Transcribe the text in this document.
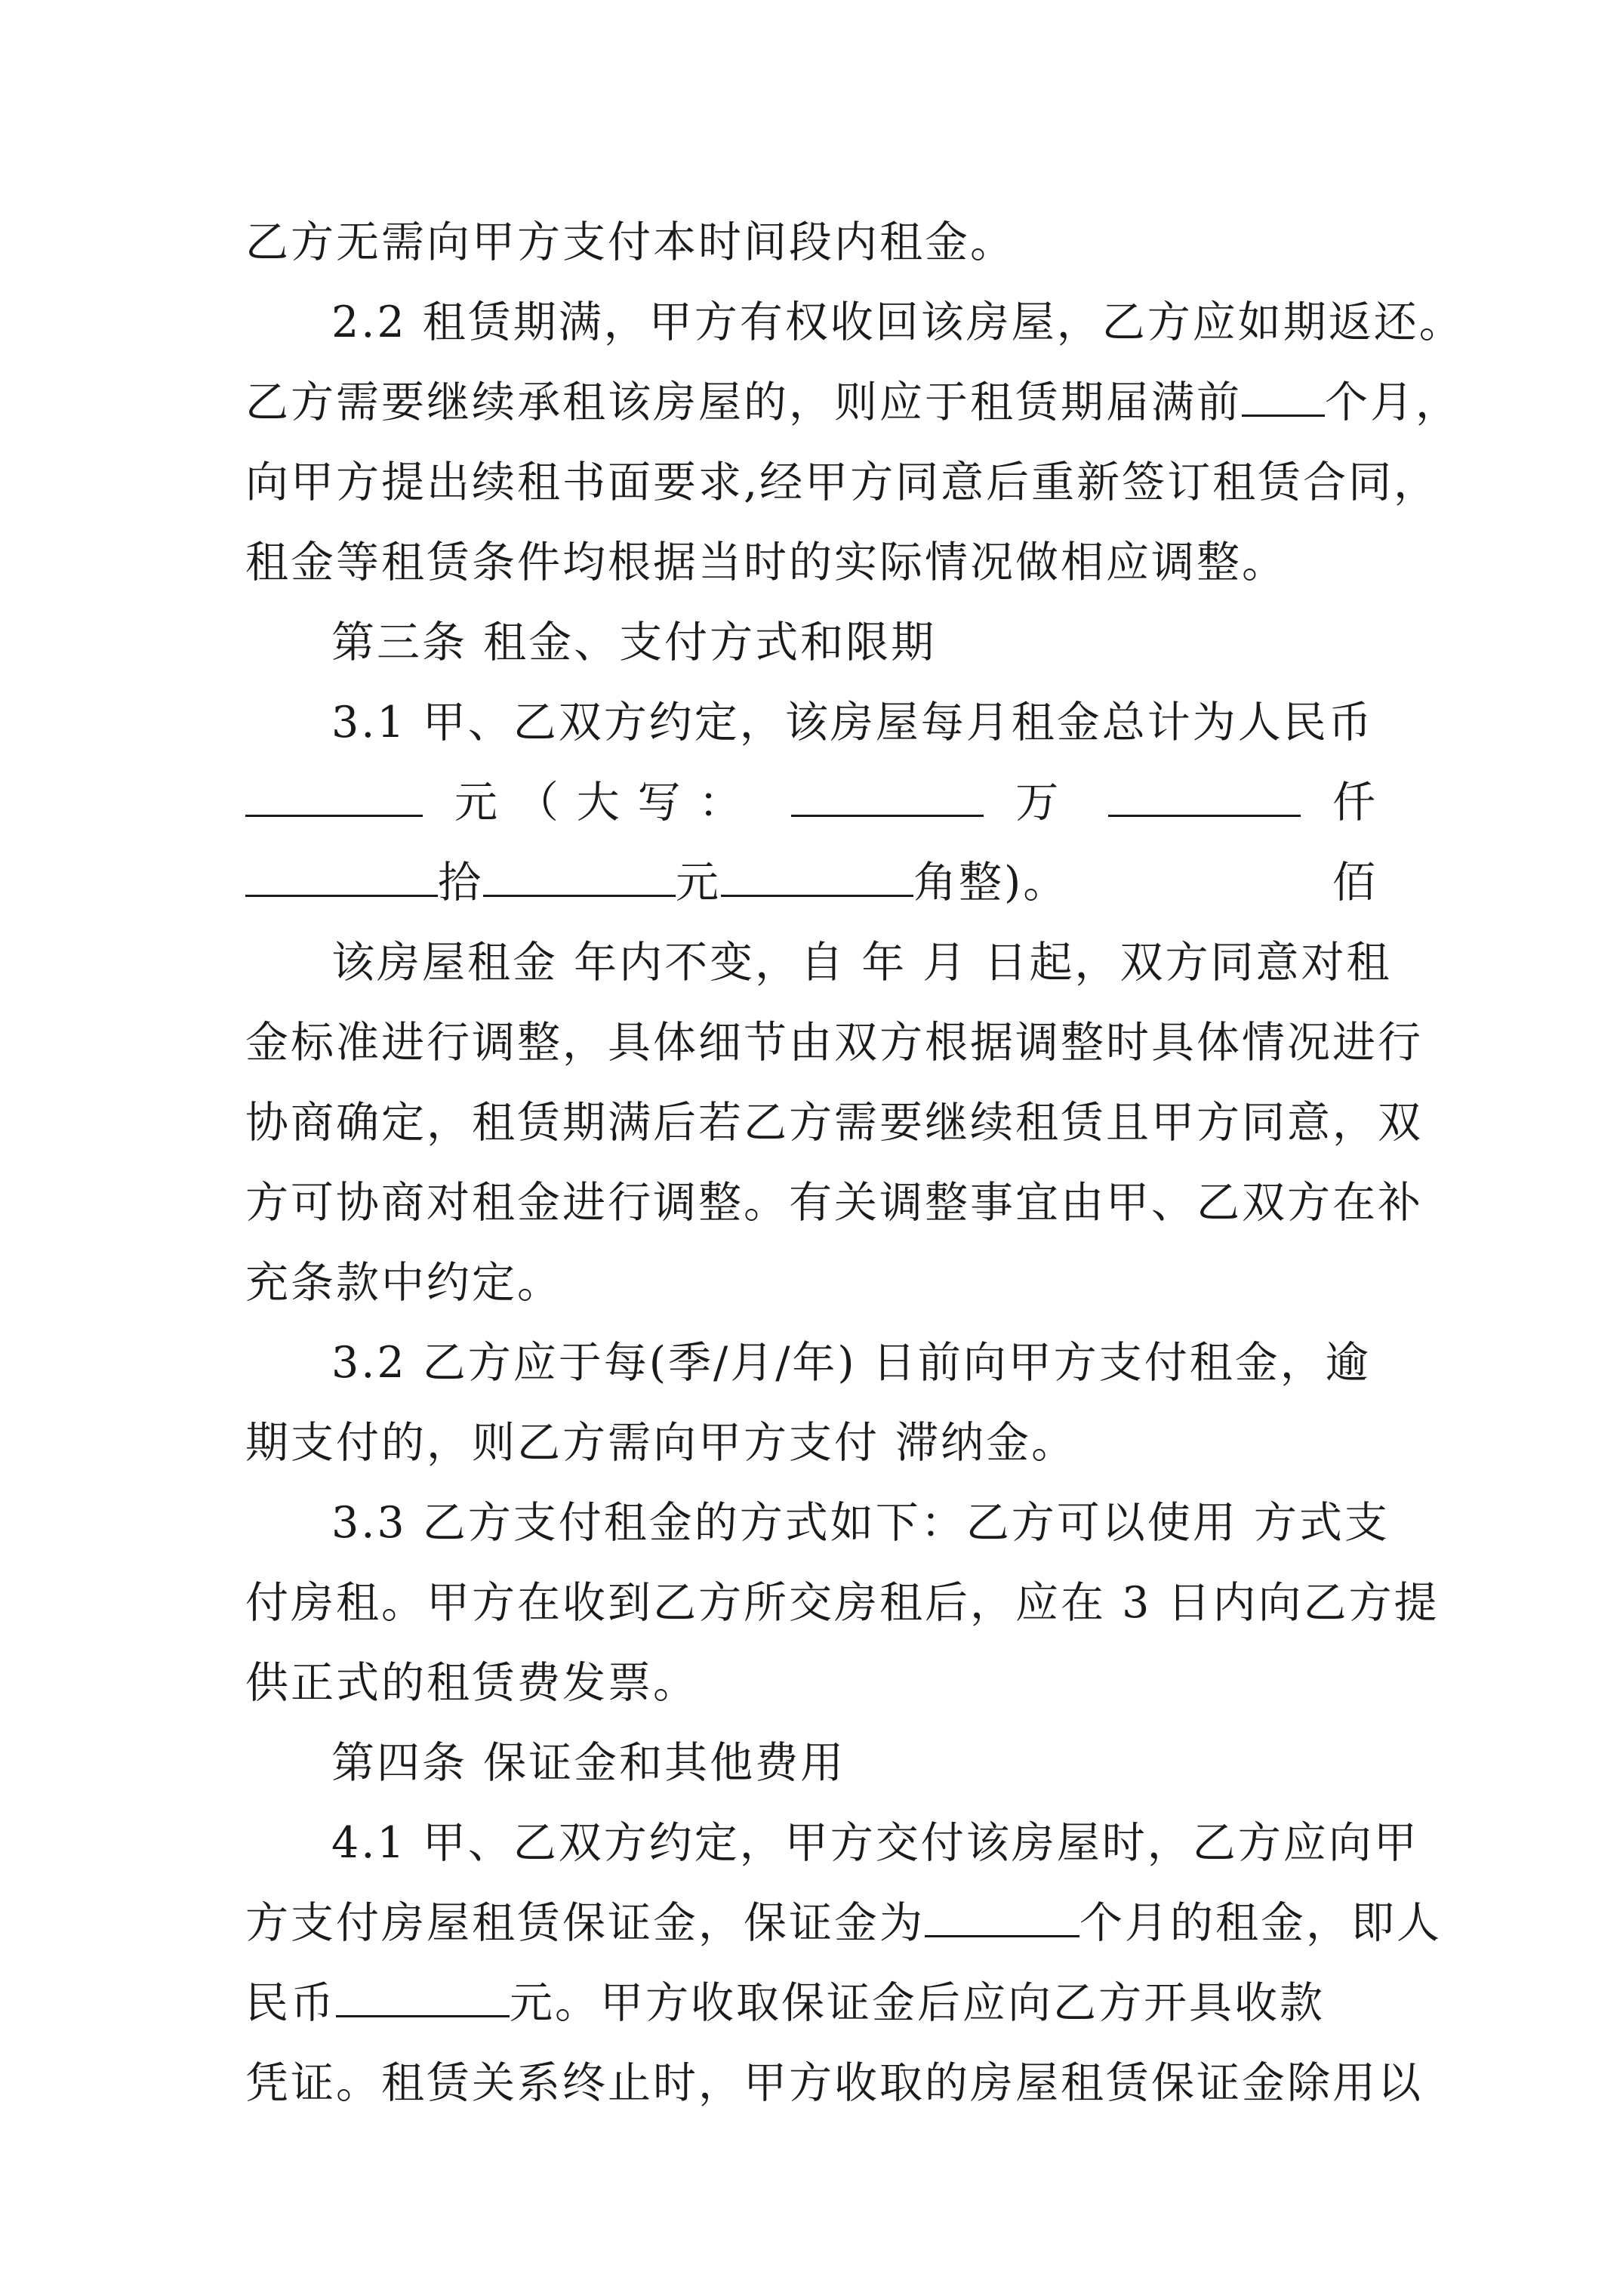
乙方无需向甲方支付本时间段内租金。
2.2 租赁期满，甲方有权收回该房屋，乙方应如期返还。
乙方需要继续承租该房屋的，则应于租赁期届满前 个月，
向甲方提出续租书面要求,经甲方同意后重新签订租赁合同，
租金等租赁条件均根据当时的实际情况做相应调整。
第三条 租金、支付方式和限期
3.1 甲、乙双方约定，该房屋每月租金总计为人民币
元（大写：	万	仟  佰
拾	元	角整)。
该房屋租金 年内不变，自 年 月 日起，双方同意对租
金标准进行调整，具体细节由双方根据调整时具体情况进行
协商确定，租赁期满后若乙方需要继续租赁且甲方同意，双
方可协商对租金进行调整。有关调整事宜由甲、乙双方在补
充条款中约定。
3.2 乙方应于每(季/月/年) 日前向甲方支付租金，逾
期支付的，则乙方需向甲方支付 滞纳金。
3.3 乙方支付租金的方式如下：乙方可以使用 方式支
付房租。甲方在收到乙方所交房租后，应在 3 日内向乙方提
供正式的租赁费发票。
第四条 保证金和其他费用
4.1 甲、乙双方约定，甲方交付该房屋时，乙方应向甲
方支付房屋租赁保证金，保证金为	个月的租金，即人
民币	元。甲方收取保证金后应向乙方开具收款
凭证。租赁关系终止时，甲方收取的房屋租赁保证金除用以
